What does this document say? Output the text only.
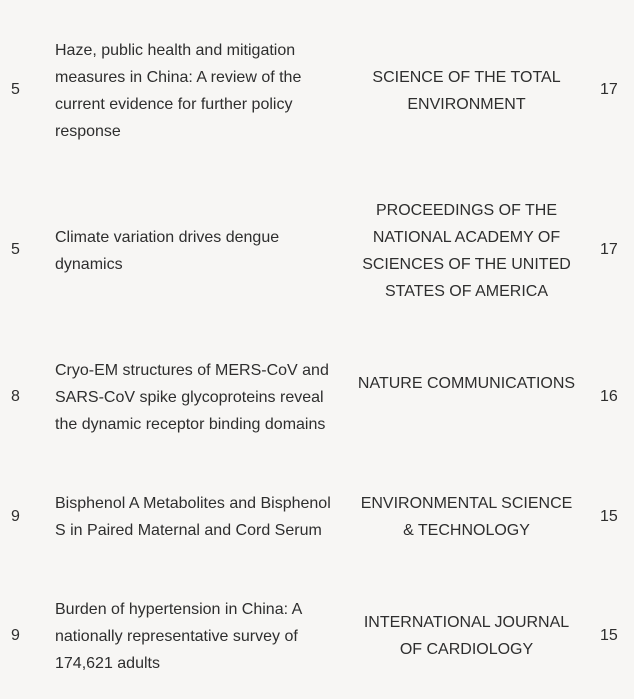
5
Haze, public health and mitigation measures in China: A review of the current evidence for further policy response
SCIENCE OF THE TOTAL ENVIRONMENT
17
5
Climate variation drives dengue dynamics
PROCEEDINGS OF THE NATIONAL ACADEMY OF SCIENCES OF THE UNITED STATES OF AMERICA
17
8
Cryo-EM structures of MERS-CoV and SARS-CoV spike glycoproteins reveal the dynamic receptor binding domains
NATURE COMMUNICATIONS
16
9
Bisphenol A Metabolites and Bisphenol S in Paired Maternal and Cord Serum
ENVIRONMENTAL SCIENCE & TECHNOLOGY
15
9
Burden of hypertension in China: A nationally representative survey of 174,621 adults
INTERNATIONAL JOURNAL OF CARDIOLOGY
15
